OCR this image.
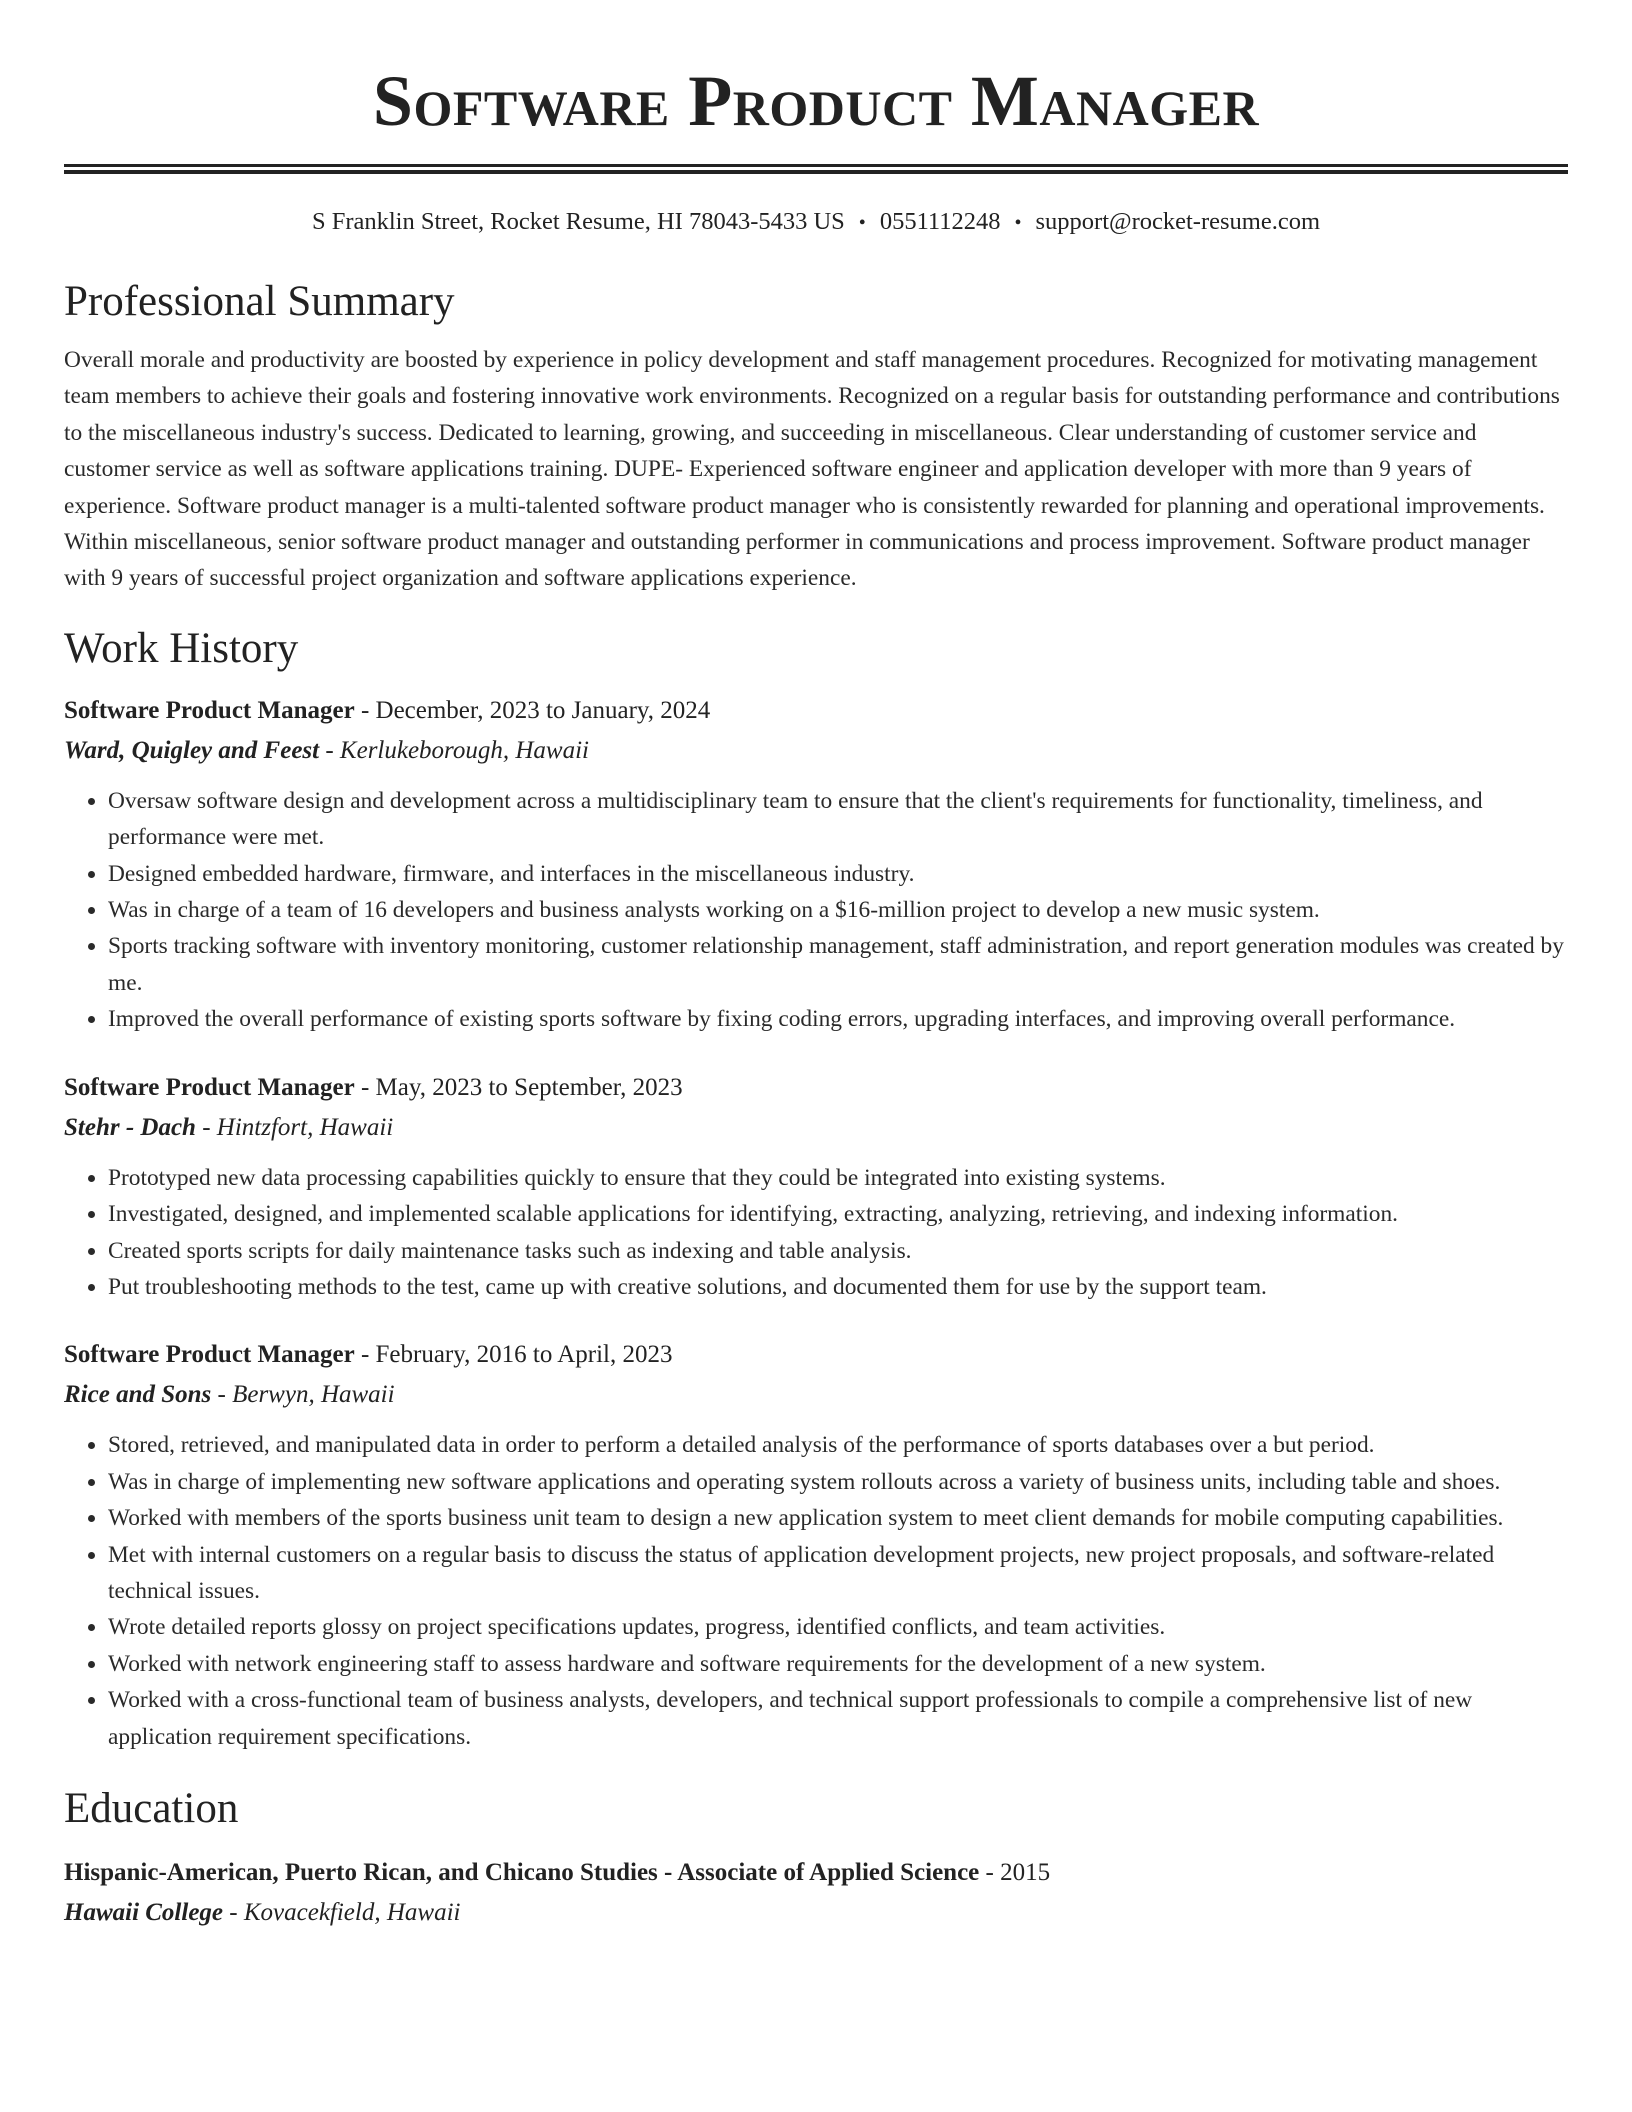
Software Product Manager
S Franklin Street, Rocket Resume, HI 78043-5433 US • 0551112248 • support@rocket-resume.com
Professional Summary

Overall morale and productivity are boosted by experience in policy development and staff management procedures. Recognized for motivating management team members to achieve their goals and fostering innovative work environments. Recognized on a regular basis for outstanding performance and contributions to the miscellaneous industry's success. Dedicated to learning, growing, and succeeding in miscellaneous. Clear understanding of customer service and customer service as well as software applications training. DUPE- Experienced software engineer and application developer with more than 9 years of experience. Software product manager is a multi-talented software product manager who is consistently rewarded for planning and operational improvements. Within miscellaneous, senior software product manager and outstanding performer in communications and process improvement. Software product manager with 9 years of successful project organization and software applications experience.

Work History
Software Product Manager - December, 2023 to January, 2024
Ward, Quigley and Feest - Kerlukeborough, Hawaii
• Oversaw software design and development across a multidisciplinary team to ensure that the client's requirements for functionality, timeliness, and performance were met.
• Designed embedded hardware, firmware, and interfaces in the miscellaneous industry.
• Was in charge of a team of 16 developers and business analysts working on a $16-million project to develop a new music system.
• Sports tracking software with inventory monitoring, customer relationship management, staff administration, and report generation modules was created by me.
• Improved the overall performance of existing sports software by fixing coding errors, upgrading interfaces, and improving overall performance.
Software Product Manager - May, 2023 to September, 2023
Stehr - Dach - Hintzfort, Hawaii
• Prototyped new data processing capabilities quickly to ensure that they could be integrated into existing systems.
• Investigated, designed, and implemented scalable applications for identifying, extracting, analyzing, retrieving, and indexing information.
• Created sports scripts for daily maintenance tasks such as indexing and table analysis.
• Put troubleshooting methods to the test, came up with creative solutions, and documented them for use by the support team.
Software Product Manager - February, 2016 to April, 2023
Rice and Sons - Berwyn, Hawaii
• Stored, retrieved, and manipulated data in order to perform a detailed analysis of the performance of sports databases over a but period.
• Was in charge of implementing new software applications and operating system rollouts across a variety of business units, including table and shoes.
• Worked with members of the sports business unit team to design a new application system to meet client demands for mobile computing capabilities.
• Met with internal customers on a regular basis to discuss the status of application development projects, new project proposals, and software-related technical issues.
• Wrote detailed reports glossy on project specifications updates, progress, identified conflicts, and team activities.
• Worked with network engineering staff to assess hardware and software requirements for the development of a new system.
• Worked with a cross-functional team of business analysts, developers, and technical support professionals to compile a comprehensive list of new application requirement specifications.
Education
Hispanic-American, Puerto Rican, and Chicano Studies - Associate of Applied Science - 2015
Hawaii College - Kovacekfield, Hawaii
